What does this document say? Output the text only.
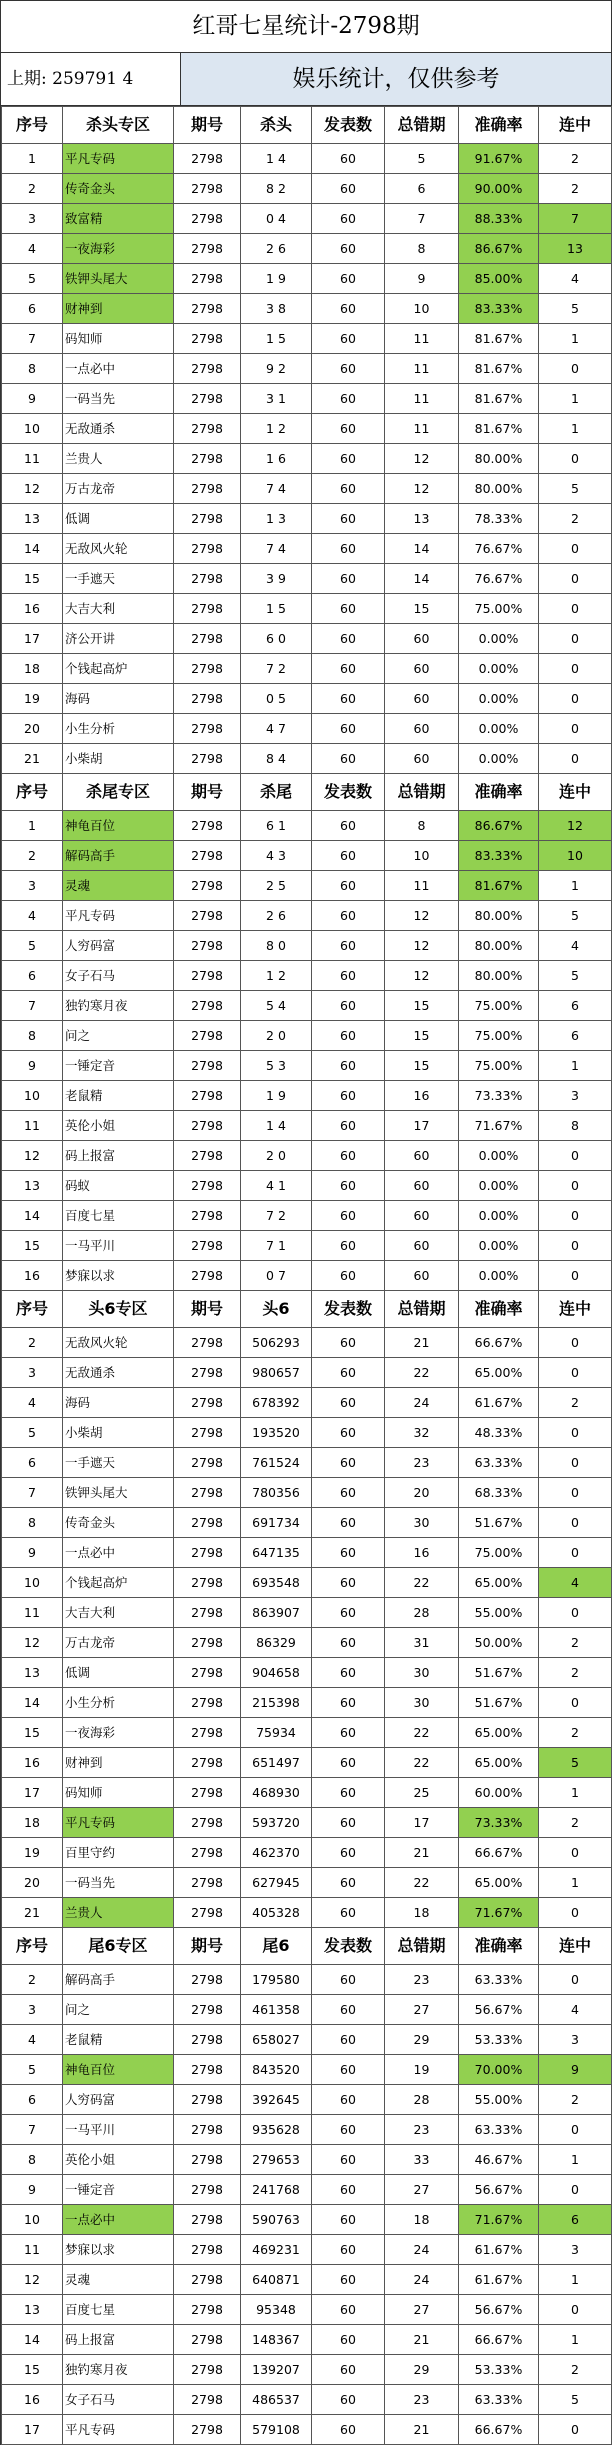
红哥七星统计-2798期
上期: 259791 4	娱乐统计，仅供参考
序号	杀头专区	期号	杀头	发表数	总错期	准确率	连中
1	平凡专码	2798	1 4	60	5	91.67%	2
2	传奇金头	2798	8 2	60	6	90.00%	2
3	致富精	2798	0 4	60	7	88.33%	7
4	一夜海彩	2798	2 6	60	8	86.67%	13
5	铁钾头尾大	2798	1 9	60	9	85.00%	4
6	财神到	2798	3 8	60	10	83.33%	5
7	码知师	2798	1 5	60	11	81.67%	1
8	一点必中	2798	9 2	60	11	81.67%	0
9	一码当先	2798	3 1	60	11	81.67%	1
10	无敌通杀	2798	1 2	60	11	81.67%	1
11	兰贵人	2798	1 6	60	12	80.00%	0
12	万古龙帝	2798	7 4	60	12	80.00%	5
13	低调	2798	1 3	60	13	78.33%	2
14	无敌风火轮	2798	7 4	60	14	76.67%	0
15	一手遮天	2798	3 9	60	14	76.67%	0
16	大吉大利	2798	1 5	60	15	75.00%	0
17	济公开讲	2798	6 0	60	60	0.00%	0
18	个钱起高炉	2798	7 2	60	60	0.00%	0
19	海码	2798	0 5	60	60	0.00%	0
20	小生分析	2798	4 7	60	60	0.00%	0
21	小柴胡	2798	8 4	60	60	0.00%	0
序号	杀尾专区	期号	杀尾	发表数	总错期	准确率	连中
1	神龟百位	2798	6 1	60	8	86.67%	12
2	解码高手	2798	4 3	60	10	83.33%	10
3	灵魂	2798	2 5	60	11	81.67%	1
4	平凡专码	2798	2 6	60	12	80.00%	5
5	人穷码富	2798	8 0	60	12	80.00%	4
6	女子石马	2798	1 2	60	12	80.00%	5
7	独钓寒月夜	2798	5 4	60	15	75.00%	6
8	问之	2798	2 0	60	15	75.00%	6
9	一锤定音	2798	5 3	60	15	75.00%	1
10	老鼠精	2798	1 9	60	16	73.33%	3
11	英伦小姐	2798	1 4	60	17	71.67%	8
12	码上报富	2798	2 0	60	60	0.00%	0
13	码蚁	2798	4 1	60	60	0.00%	0
14	百度七星	2798	7 2	60	60	0.00%	0
15	一马平川	2798	7 1	60	60	0.00%	0
16	梦寐以求	2798	0 7	60	60	0.00%	0
序号	头6专区	期号	头6	发表数	总错期	准确率	连中
2	无敌风火轮	2798	506293	60	21	66.67%	0
3	无敌通杀	2798	980657	60	22	65.00%	0
4	海码	2798	678392	60	24	61.67%	2
5	小柴胡	2798	193520	60	32	48.33%	0
6	一手遮天	2798	761524	60	23	63.33%	0
7	铁钾头尾大	2798	780356	60	20	68.33%	0
8	传奇金头	2798	691734	60	30	51.67%	0
9	一点必中	2798	647135	60	16	75.00%	0
10	个钱起高炉	2798	693548	60	22	65.00%	4
11	大吉大利	2798	863907	60	28	55.00%	0
12	万古龙帝	2798	86329	60	31	50.00%	2
13	低调	2798	904658	60	30	51.67%	2
14	小生分析	2798	215398	60	30	51.67%	0
15	一夜海彩	2798	75934	60	22	65.00%	2
16	财神到	2798	651497	60	22	65.00%	5
17	码知师	2798	468930	60	25	60.00%	1
18	平凡专码	2798	593720	60	17	73.33%	2
19	百里守约	2798	462370	60	21	66.67%	0
20	一码当先	2798	627945	60	22	65.00%	1
21	兰贵人	2798	405328	60	18	71.67%	0
序号	尾6专区	期号	尾6	发表数	总错期	准确率	连中
2	解码高手	2798	179580	60	23	63.33%	0
3	问之	2798	461358	60	27	56.67%	4
4	老鼠精	2798	658027	60	29	53.33%	3
5	神龟百位	2798	843520	60	19	70.00%	9
6	人穷码富	2798	392645	60	28	55.00%	2
7	一马平川	2798	935628	60	23	63.33%	0
8	英伦小姐	2798	279653	60	33	46.67%	1
9	一锤定音	2798	241768	60	27	56.67%	0
10	一点必中	2798	590763	60	18	71.67%	6
11	梦寐以求	2798	469231	60	24	61.67%	3
12	灵魂	2798	640871	60	24	61.67%	1
13	百度七星	2798	95348	60	27	56.67%	0
14	码上报富	2798	148367	60	21	66.67%	1
15	独钓寒月夜	2798	139207	60	29	53.33%	2
16	女子石马	2798	486537	60	23	63.33%	5
17	平凡专码	2798	579108	60	21	66.67%	0
